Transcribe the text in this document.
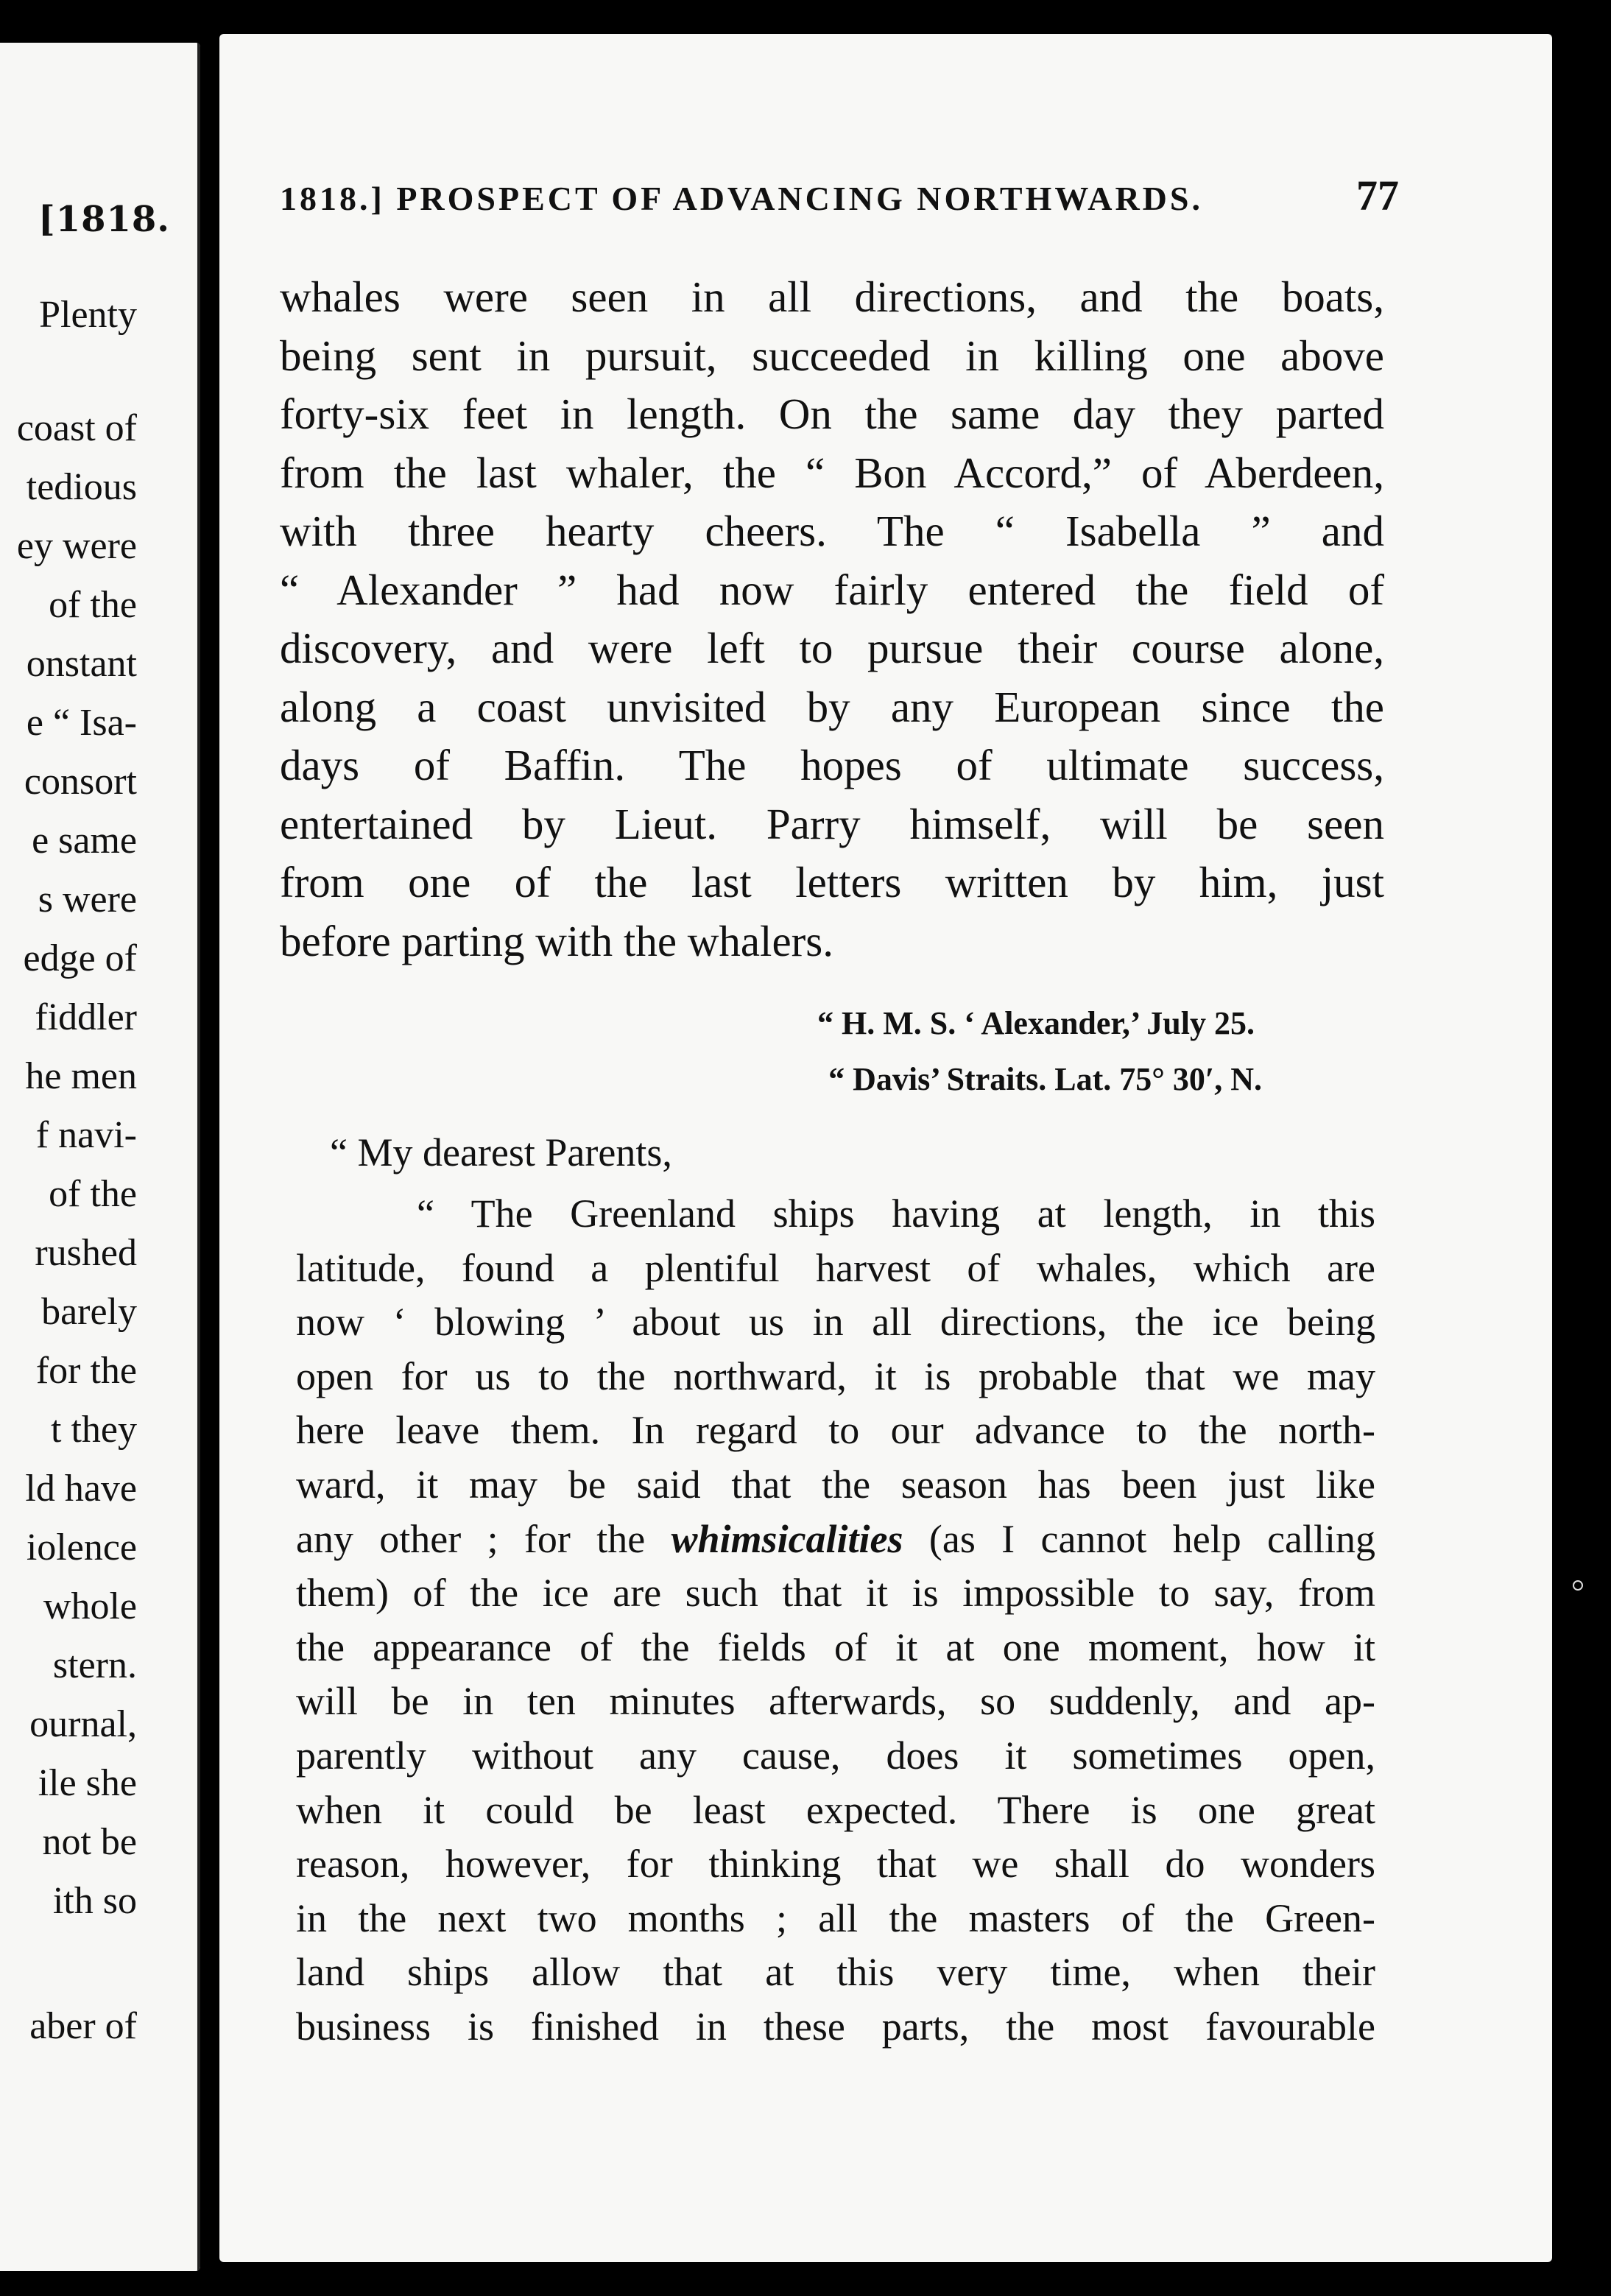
[1818.
Plenty
coast of
tedious
ey were
of the
onstant
e “ Isa-
consort
e same
s were
edge of
fiddler
he men
f navi-
of the
rushed
barely
for the
t they
ld have
iolence
whole
stern.
ournal,
ile she
not be
ith so
aber of
1818.] PROSPECT OF ADVANCING NORTHWARDS.	77
whales were seen in all directions, and the boats,
being sent in pursuit, succeeded in killing one above
forty-six feet in length. On the same day they parted
from the last whaler, the “ Bon Accord,” of Aberdeen,
with three hearty cheers. The “ Isabella ” and
“ Alexander ” had now fairly entered the field of
discovery, and were left to pursue their course alone,
along a coast unvisited by any European since the
days of Baffin. The hopes of ultimate success,
entertained by Lieut. Parry himself, will be seen
from one of the last letters written by him, just
before parting with the whalers.
“ H. M. S. ‘ Alexander,’ July 25.
“ Davis’ Straits. Lat. 75° 30′, N.
“ My dearest Parents,
“ The Greenland ships having at length, in this
latitude, found a plentiful harvest of whales, which are
now ‘ blowing ’ about us in all directions, the ice being
open for us to the northward, it is probable that we may
here leave them. In regard to our advance to the north-
ward, it may be said that the season has been just like
any other ; for the whimsicalities (as I cannot help calling
them) of the ice are such that it is impossible to say, from
the appearance of the fields of it at one moment, how it
will be in ten minutes afterwards, so suddenly, and ap-
parently without any cause, does it sometimes open,
when it could be least expected. There is one great
reason, however, for thinking that we shall do wonders
in the next two months ; all the masters of the Green-
land ships allow that at this very time, when their
business is finished in these parts, the most favourable
